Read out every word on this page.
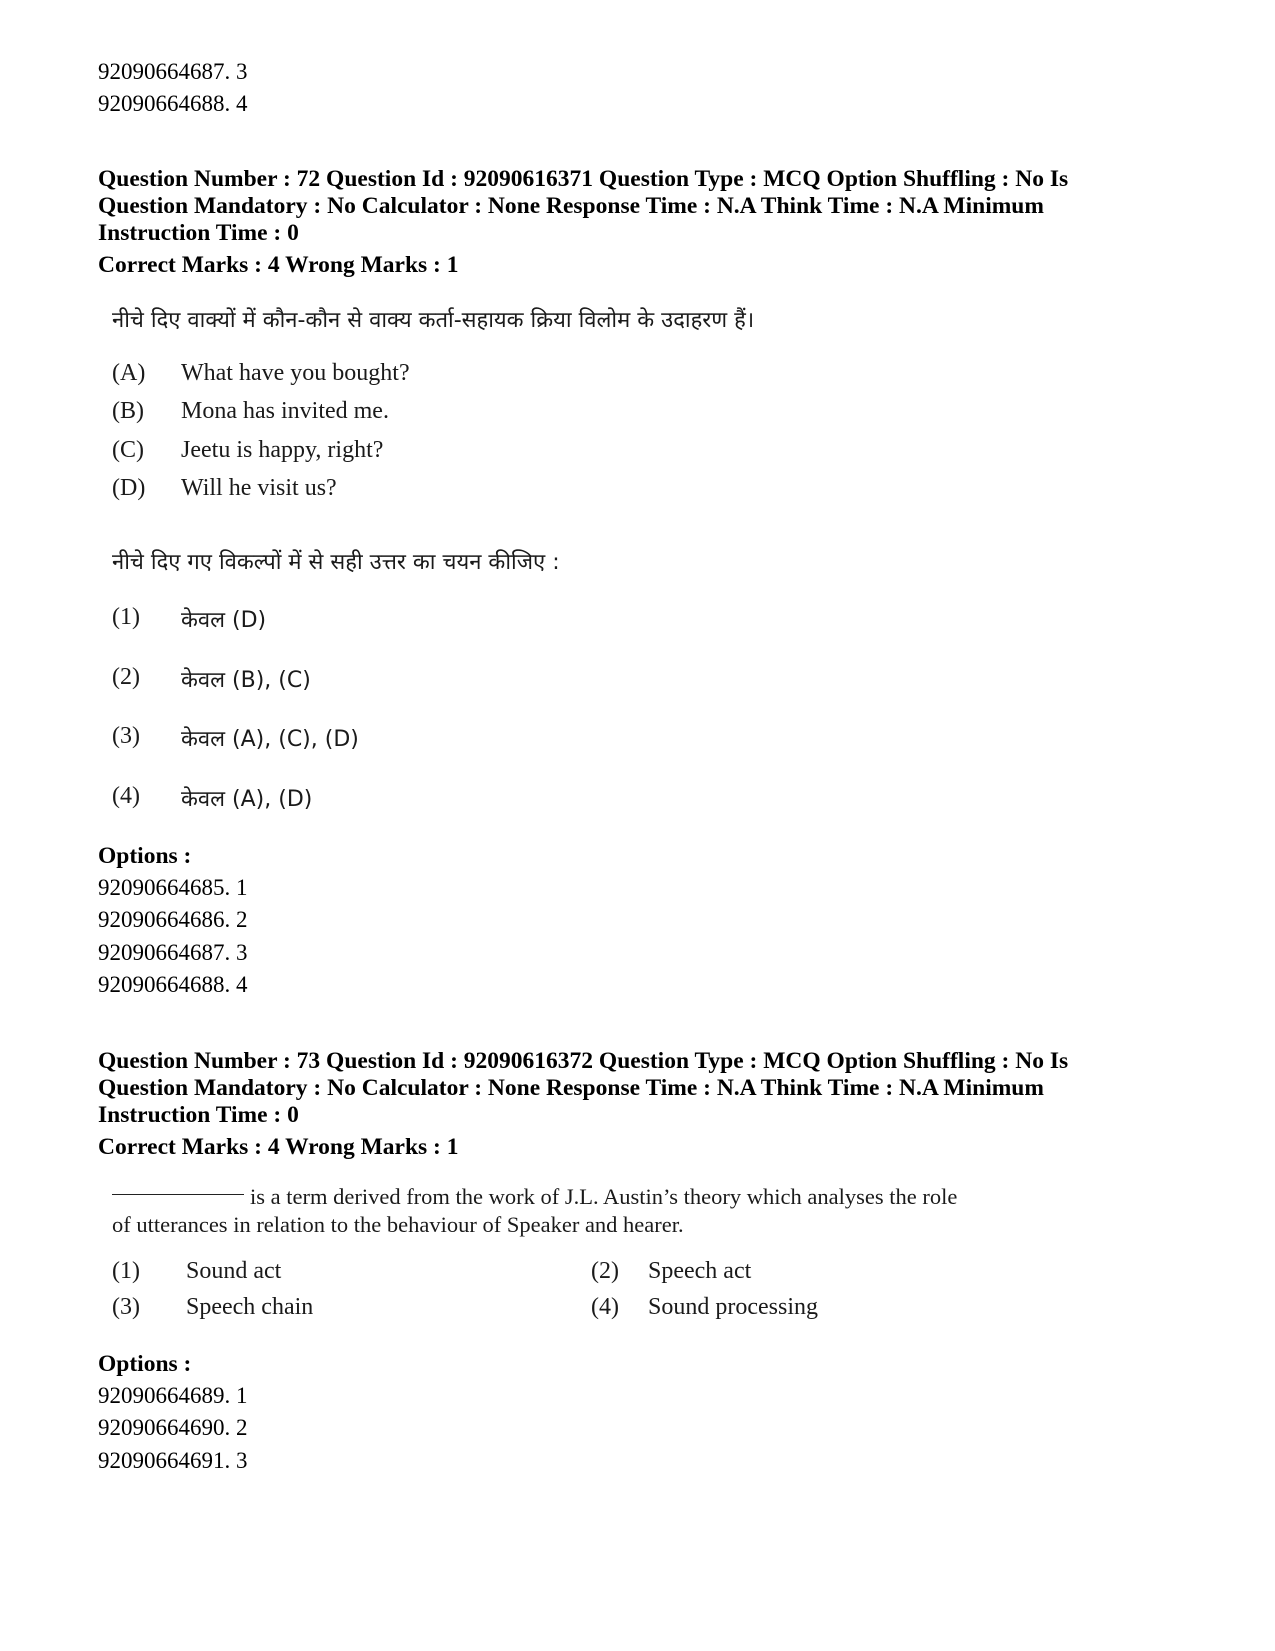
92090664687. 3
92090664688. 4
Question Number : 72 Question Id : 92090616371 Question Type : MCQ Option Shuffling : No Is
Question Mandatory : No Calculator : None Response Time : N.A Think Time : N.A Minimum
Instruction Time : 0
Correct Marks : 4 Wrong Marks : 1
नीचे दिए वाक्यों में कौन-कौन से वाक्य कर्ता-सहायक क्रिया विलोम के उदाहरण हैं।
(A) What have you bought?
(B) Mona has invited me.
(C) Jeetu is happy, right?
(D) Will he visit us?
नीचे दिए गए विकल्पों में से सही उत्तर का चयन कीजिए :
(1) केवल (D)
(2) केवल (B), (C)
(3) केवल (A), (C), (D)
(4) केवल (A), (D)
Options :
92090664685. 1
92090664686. 2
92090664687. 3
92090664688. 4
Question Number : 73 Question Id : 92090616372 Question Type : MCQ Option Shuffling : No Is
Question Mandatory : No Calculator : None Response Time : N.A Think Time : N.A Minimum
Instruction Time : 0
Correct Marks : 4 Wrong Marks : 1
is a term derived from the work of J.L. Austin’s theory which analyses the role
of utterances in relation to the behaviour of Speaker and hearer.
(1) Sound act	(2) Speech act
(3) Speech chain	(4) Sound processing
Options :
92090664689. 1
92090664690. 2
92090664691. 3
